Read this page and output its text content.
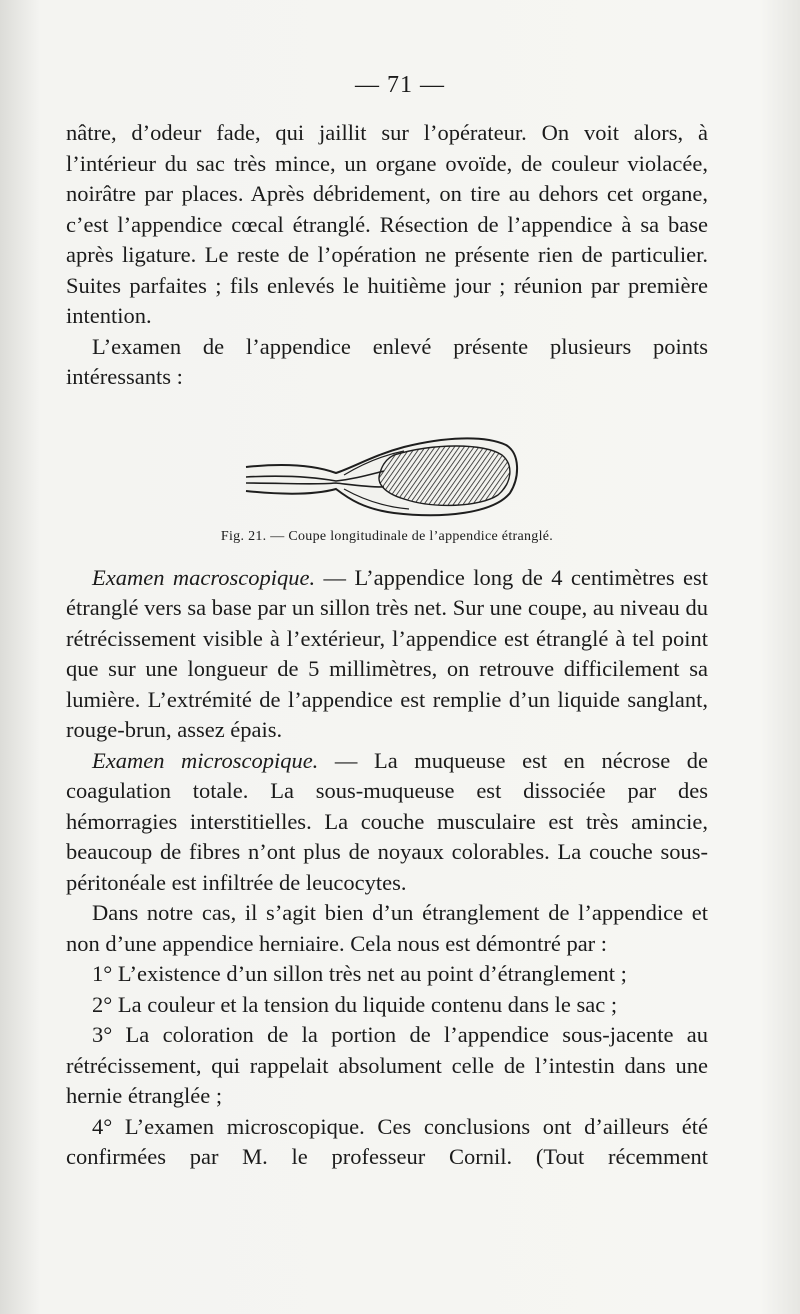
— 71 —

nâtre, d’odeur fade, qui jaillit sur l’opérateur. On voit alors, à l’intérieur du sac très mince, un organe ovoïde, de couleur violacée, noirâtre par places. Après débridement, on tire au dehors cet organe, c’est l’appendice cœcal étranglé. Résection de l’appendice à sa base après ligature. Le reste de l’opération ne présente rien de particulier. Suites parfaites ; fils enlevés le huitième jour ; réunion par première intention.

L’examen de l’appendice enlevé présente plusieurs points intéressants :

Fig. 21. — Coupe longitudinale de l’appendice étranglé.

Examen macroscopique. — L’appendice long de 4 centimètres est étranglé vers sa base par un sillon très net. Sur une coupe, au niveau du rétrécissement visible à l’extérieur, l’appendice est étranglé à tel point que sur une longueur de 5 millimètres, on retrouve difficilement sa lumière. L’extrémité de l’appendice est remplie d’un liquide sanglant, rouge-brun, assez épais.

Examen microscopique. — La muqueuse est en nécrose de coagulation totale. La sous-muqueuse est dissociée par des hémorragies interstitielles. La couche musculaire est très amincie, beaucoup de fibres n’ont plus de noyaux colorables. La couche sous-péritonéale est infiltrée de leucocytes.

Dans notre cas, il s’agit bien d’un étranglement de l’appendice et non d’une appendice herniaire. Cela nous est démontré par :

1° L’existence d’un sillon très net au point d’étranglement ;

2° La couleur et la tension du liquide contenu dans le sac ;

3° La coloration de la portion de l’appendice sous-jacente au rétrécissement, qui rappelait absolument celle de l’intestin dans une hernie étranglée ;

4° L’examen microscopique. Ces conclusions ont d’ailleurs été confirmées par M. le professeur Cornil. (Tout récemment
